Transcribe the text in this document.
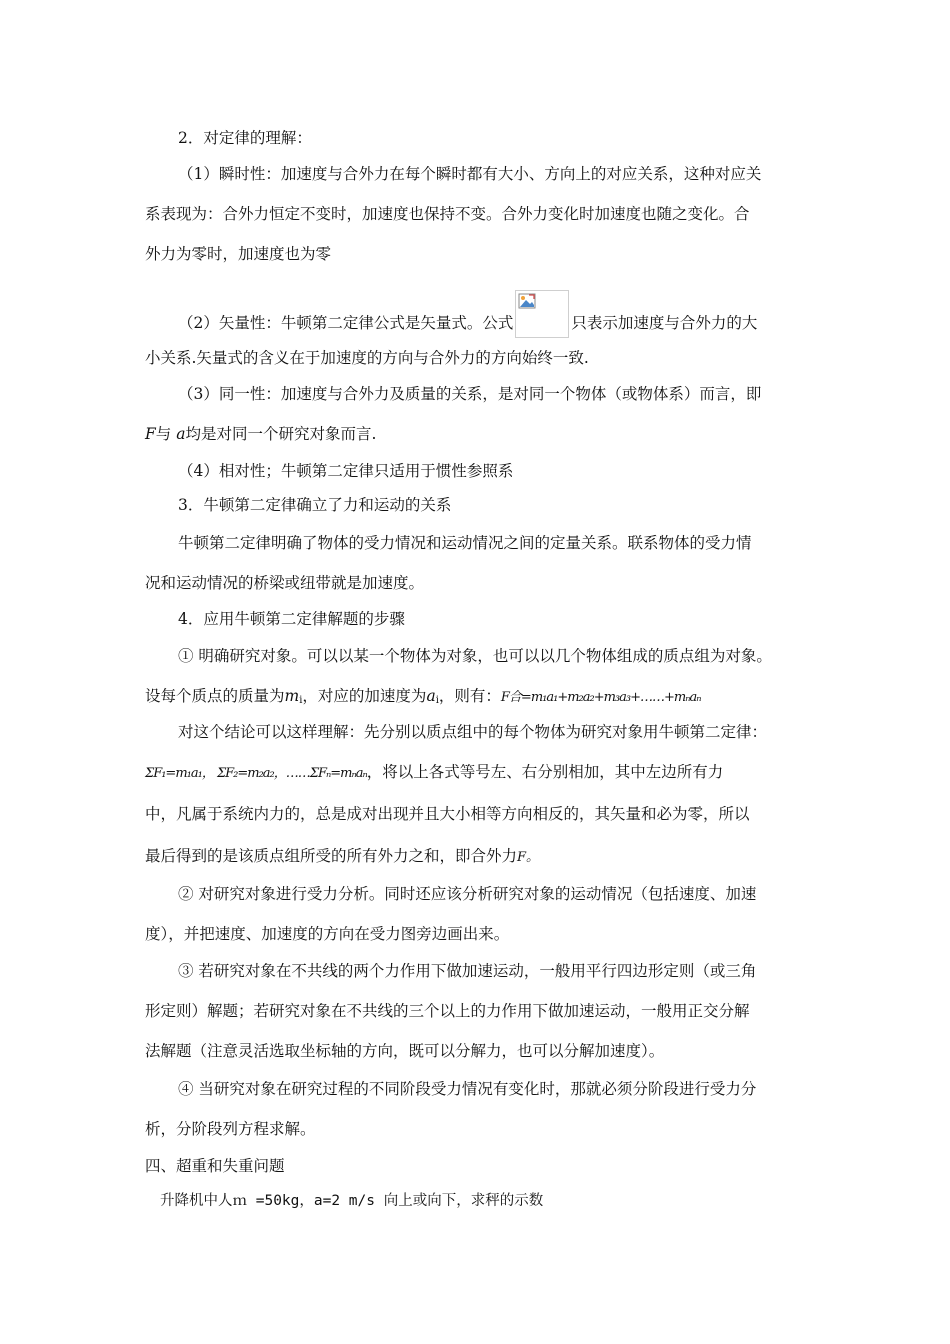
2．对定律的理解：
（1）瞬时性：加速度与合外力在每个瞬时都有大小、方向上的对应关系，这种对应关
系表现为：合外力恒定不变时，加速度也保持不变。合外力变化时加速度也随之变化。合
外力为零时，加速度也为零
（2）矢量性：牛顿第二定律公式是矢量式。公式	只表示加速度与合外力的大
小关系.矢量式的含义在于加速度的方向与合外力的方向始终一致.
（3）同一性：加速度与合外力及质量的关系，是对同一个物体（或物体系）而言，即
F与 a均是对同一个研究对象而言.
（4）相对性；牛顿第二定律只适用于惯性参照系
3．牛顿第二定律确立了力和运动的关系
牛顿第二定律明确了物体的受力情况和运动情况之间的定量关系。联系物体的受力情
况和运动情况的桥梁或纽带就是加速度。
4．应用牛顿第二定律解题的步骤
① 明确研究对象。可以以某一个物体为对象，也可以以几个物体组成的质点组为对象。
设每个质点的质量为$m_i$，对应的加速度为$a_i$，则有：F合=m₁a₁+m₂a₂+m₃a₃+……+mₙaₙ
对这个结论可以这样理解：先分别以质点组中的每个物体为研究对象用牛顿第二定律：
ΣF₁=m₁a₁， ΣF₂=m₂a₂，……ΣFₙ=mₙaₙ，将以上各式等号左、右分别相加，其中左边所有力
中，凡属于系统内力的，总是成对出现并且大小相等方向相反的，其矢量和必为零，所以
最后得到的是该质点组所受的所有外力之和，即合外力F。
② 对研究对象进行受力分析。同时还应该分析研究对象的运动情况（包括速度、加速
度），并把速度、加速度的方向在受力图旁边画出来。
③ 若研究对象在不共线的两个力作用下做加速运动，一般用平行四边形定则（或三角
形定则）解题；若研究对象在不共线的三个以上的力作用下做加速运动，一般用正交分解
法解题（注意灵活选取坐标轴的方向，既可以分解力，也可以分解加速度）。
④ 当研究对象在研究过程的不同阶段受力情况有变化时，那就必须分阶段进行受力分
析，分阶段列方程求解。
四、超重和失重问题
升降机中人ｍ =50kg，a=2 m/s 向上或向下，求秤的示数
